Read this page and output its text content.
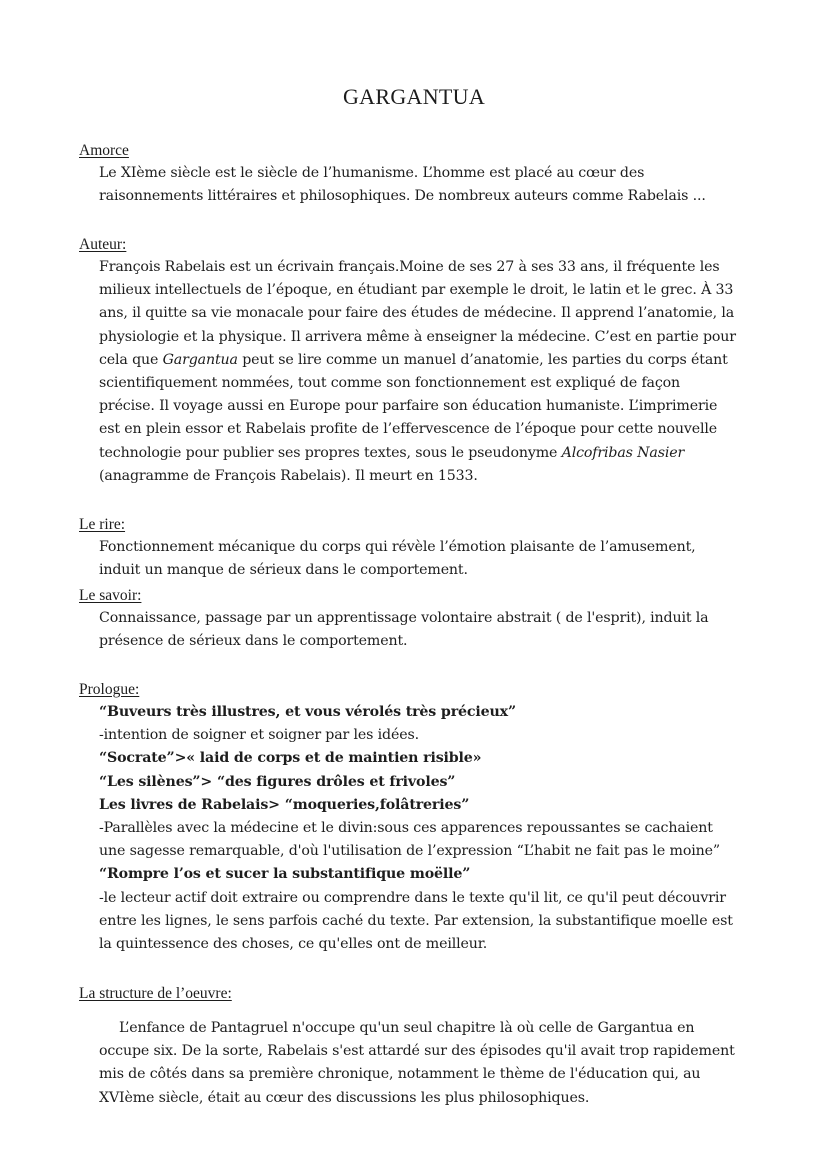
GARGANTUA
Amorce

Le XIème siècle est le siècle de l’humanisme. L’homme est placé au cœur des raisonnements littéraires et philosophiques. De nombreux auteurs comme Rabelais ...

Auteur:

François Rabelais est un écrivain français.Moine de ses 27 à ses 33 ans, il fréquente les milieux intellectuels de l’époque, en étudiant par exemple le droit, le latin et le grec. À 33 ans, il quitte sa vie monacale pour faire des études de médecine. Il apprend l’anatomie, la physiologie et la physique. Il arrivera même à enseigner la médecine. C’est en partie pour cela que Gargantua peut se lire comme un manuel d’anatomie, les parties du corps étant scientifiquement nommées, tout comme son fonctionnement est expliqué de façon précise. Il voyage aussi en Europe pour parfaire son éducation humaniste. L’imprimerie est en plein essor et Rabelais profite de l’effervescence de l’époque pour cette nouvelle technologie pour publier ses propres textes, sous le pseudonyme Alcofribas Nasier (anagramme de François Rabelais). Il meurt en 1533.

Le rire:

Fonctionnement mécanique du corps qui révèle l’émotion plaisante de l’amusement, induit un manque de sérieux dans le comportement.

Le savoir:

Connaissance, passage par un apprentissage volontaire abstrait ( de l'esprit), induit la présence de sérieux dans le comportement.

Prologue:

“Buveurs très illustres, et vous vérolés très précieux”

-intention de soigner et soigner par les idées.

“Socrate”>« laid de corps et de maintien risible»

“Les silènes”> “des figures drôles et frivoles”

Les livres de Rabelais> “moqueries,folâtreries”

-Parallèles avec la médecine et le divin:sous ces apparences repoussantes se cachaient une sagesse remarquable, d'où l'utilisation de l’expression “L’habit ne fait pas le moine”

“Rompre l’os et sucer la substantifique moëlle”

-le lecteur actif doit extraire ou comprendre dans le texte qu'il lit, ce qu'il peut découvrir entre les lignes, le sens parfois caché du texte. Par extension, la substantifique moelle est la quintessence des choses, ce qu'elles ont de meilleur.

La structure de l’oeuvre:

L’enfance de Pantagruel n'occupe qu'un seul chapitre là où celle de Gargantua en occupe six. De la sorte, Rabelais s'est attardé sur des épisodes qu'il avait trop rapidement mis de côtés dans sa première chronique, notamment le thème de l'éducation qui, au XVIème siècle, était au cœur des discussions les plus philosophiques.
